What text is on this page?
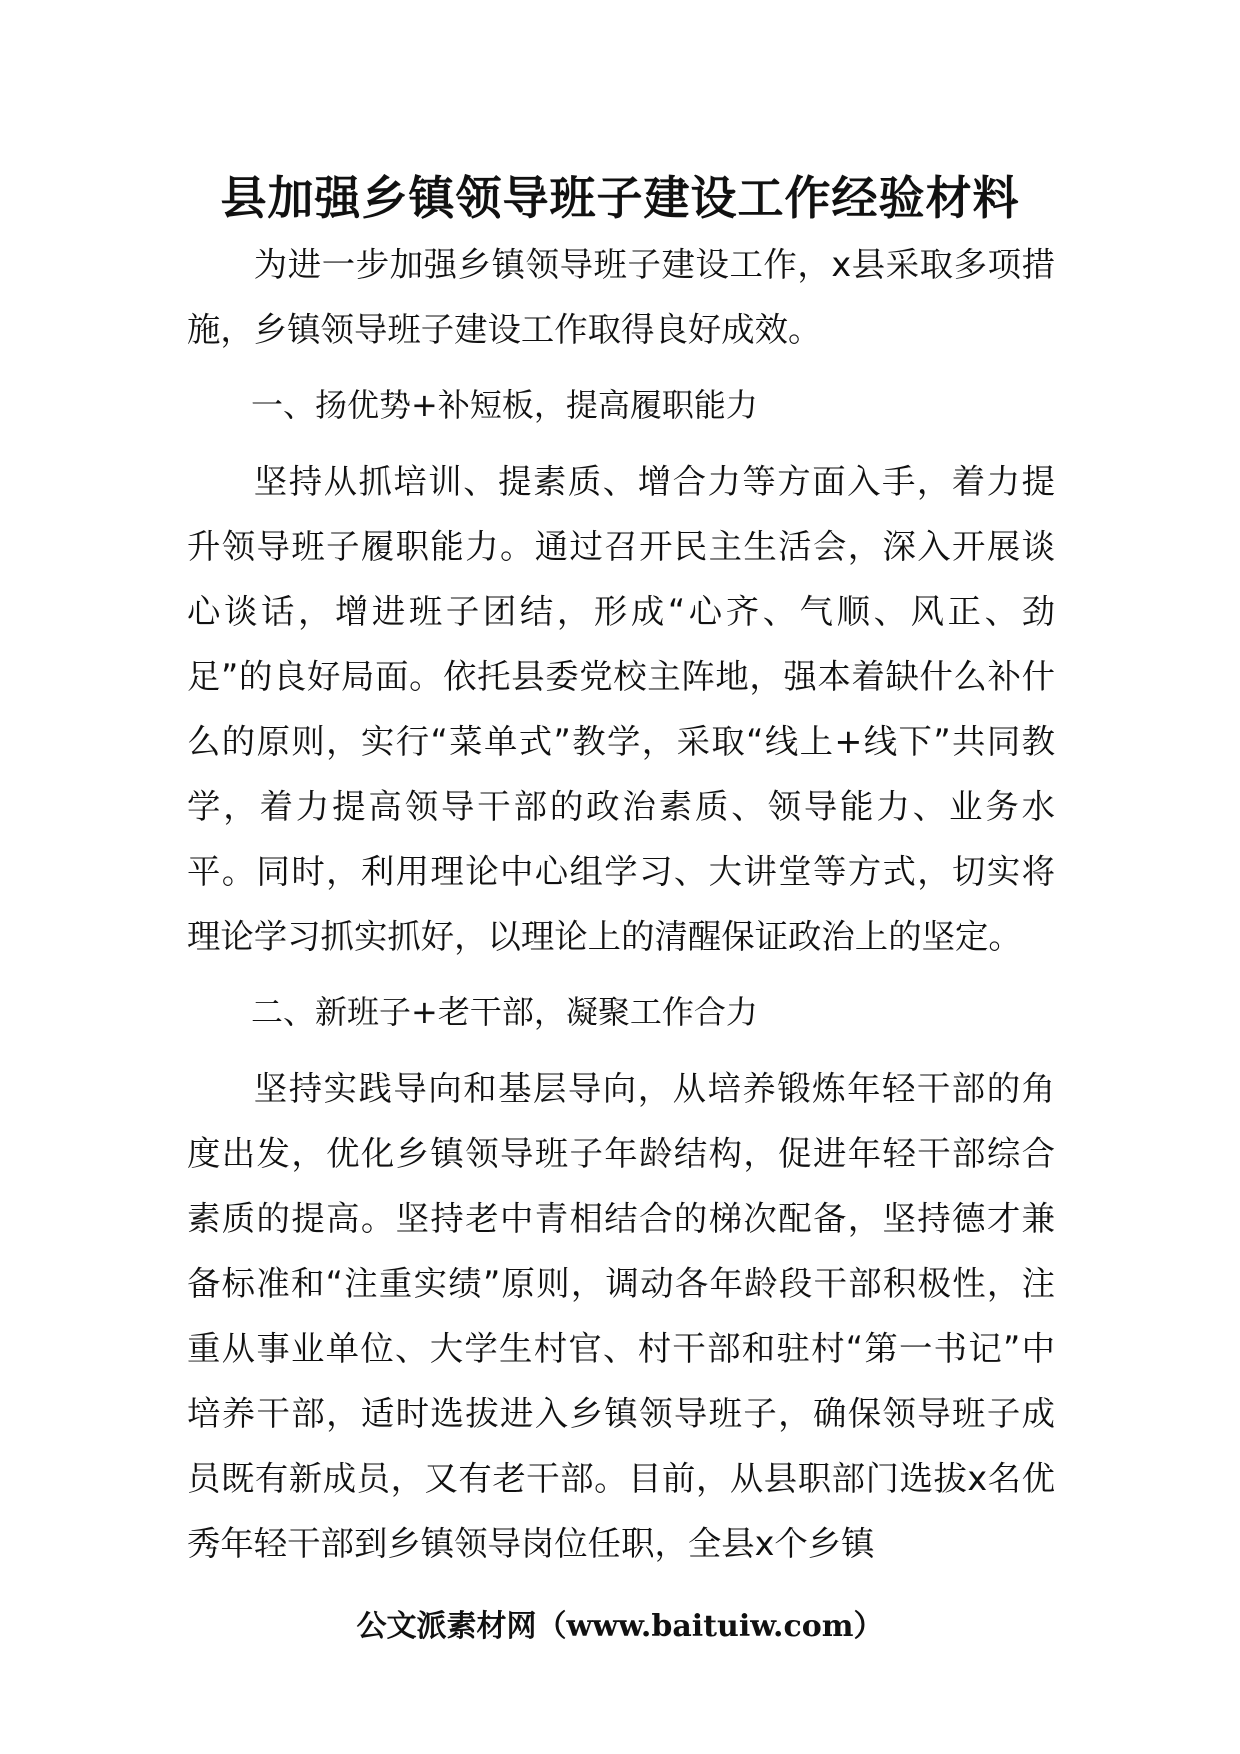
县加强乡镇领导班子建设工作经验材料

为进一步加强乡镇领导班子建设工作，x县采取多项措施，乡镇领导班子建设工作取得良好成效。

一、扬优势+补短板，提高履职能力

坚持从抓培训、提素质、增合力等方面入手，着力提升领导班子履职能力。通过召开民主生活会，深入开展谈心谈话，增进班子团结，形成“心齐、气顺、风正、劲足”的良好局面。依托县委党校主阵地，强本着缺什么补什么的原则，实行“菜单式”教学，采取“线上+线下”共同教学，着力提高领导干部的政治素质、领导能力、业务水平。同时，利用理论中心组学习、大讲堂等方式，切实将理论学习抓实抓好，以理论上的清醒保证政治上的坚定。

二、新班子+老干部，凝聚工作合力

坚持实践导向和基层导向，从培养锻炼年轻干部的角度出发，优化乡镇领导班子年龄结构，促进年轻干部综合素质的提高。坚持老中青相结合的梯次配备，坚持德才兼备标准和“注重实绩”原则，调动各年龄段干部积极性，注重从事业单位、大学生村官、村干部和驻村“第一书记”中培养干部，适时选拔进入乡镇领导班子，确保领导班子成员既有新成员，又有老干部。目前，从县职部门选拔x名优秀年轻干部到乡镇领导岗位任职，全县x个乡镇

公文派素材网（www.baituiw.com）
